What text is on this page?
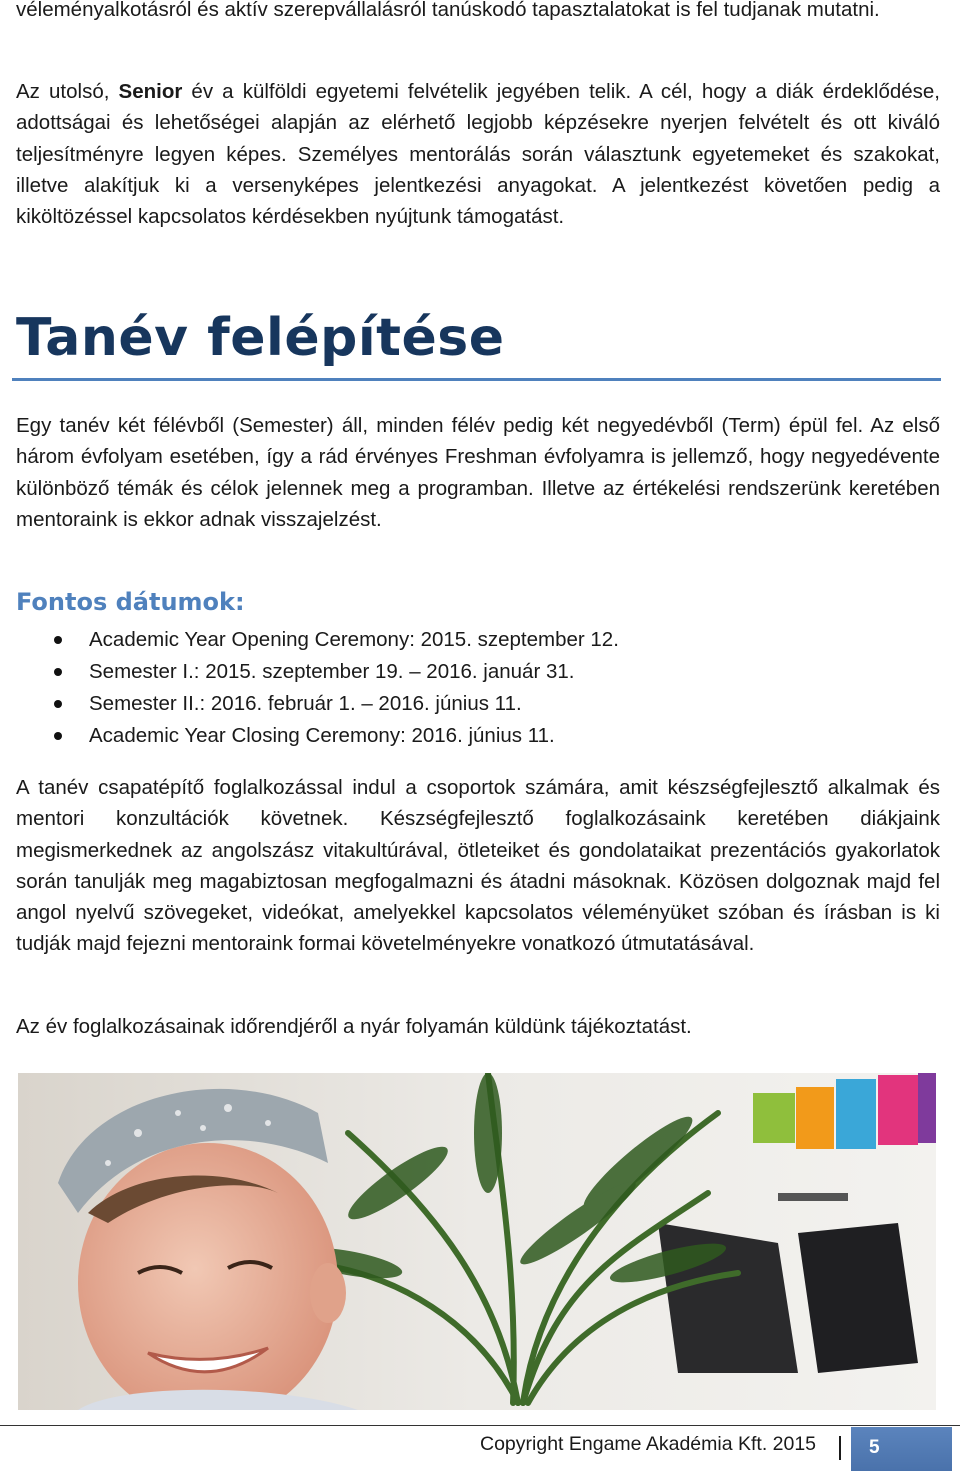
véleményalkotásról és aktív szerepvállalásról tanúskodó tapasztalatokat is fel tudjanak mutatni.

Az utolsó, Senior év a külföldi egyetemi felvételik jegyében telik. A cél, hogy a diák érdeklődése, adottságai és lehetőségei alapján az elérhető legjobb képzésekre nyerjen felvételt és ott kiváló teljesítményre legyen képes. Személyes mentorálás során választunk egyetemeket és szakokat, illetve alakítjuk ki a versenyképes jelentkezési anyagokat. A jelentkezést követően pedig a kiköltözéssel kapcsolatos kérdésekben nyújtunk támogatást.

Tanév felépítése

Egy tanév két félévből (Semester) áll, minden félév pedig két negyedévből (Term) épül fel. Az első három évfolyam esetében, így a rád érvényes Freshman évfolyamra is jellemző, hogy negyedévente különböző témák és célok jelennek meg a programban. Illetve az értékelési rendszerünk keretében mentoraink is ekkor adnak visszajelzést.

Fontos dátumok:
Academic Year Opening Ceremony: 2015. szeptember 12.
Semester I.: 2015. szeptember 19. – 2016. január 31.
Semester II.: 2016. február 1. – 2016. június 11.
Academic Year Closing Ceremony: 2016. június 11.

A tanév csapatépítő foglalkozással indul a csoportok számára, amit készségfejlesztő alkalmak és mentori konzultációk követnek. Készségfejlesztő foglalkozásaink keretében diákjaink megismerkednek az angolszász vitakultúrával, ötleteiket és gondolataikat prezentációs gyakorlatok során tanulják meg magabiztosan megfogalmazni és átadni másoknak. Közösen dolgoznak majd fel angol nyelvű szövegeket, videókat, amelyekkel kapcsolatos véleményüket szóban és írásban is ki tudják majd fejezni mentoraink formai követelményekre vonatkozó útmutatásával.

Az év foglalkozásainak időrendjéről a nyár folyamán küldünk tájékoztatást.

Copyright Engame Akadémia Kft. 2015	5
